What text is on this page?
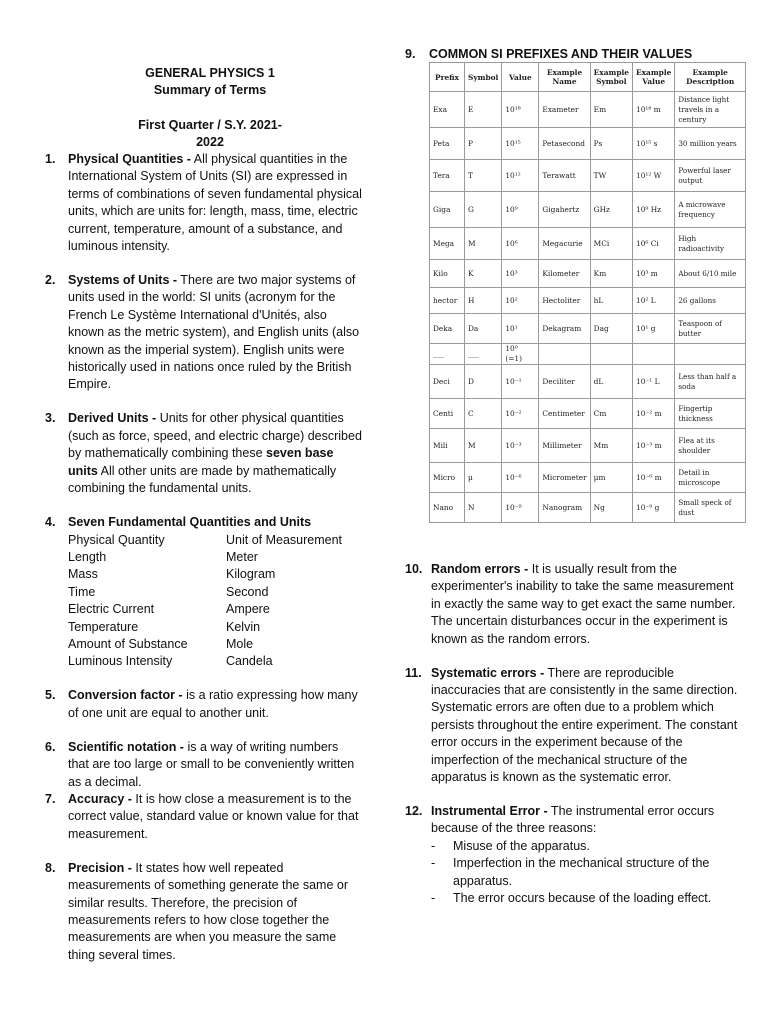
GENERAL PHYSICS 1
Summary of Terms
First Quarter / S.Y. 2021-2022
1. Physical Quantities - All physical quantities in the International System of Units (SI) are expressed in terms of combinations of seven fundamental physical units, which are units for: length, mass, time, electric current, temperature, amount of a substance, and luminous intensity.
2. Systems of Units - There are two major systems of units used in the world: SI units (acronym for the French Le Système International d'Unités, also known as the metric system), and English units (also known as the imperial system). English units were historically used in nations once ruled by the British Empire.
3. Derived Units - Units for other physical quantities (such as force, speed, and electric charge) described by mathematically combining these seven base units All other units are made by mathematically combining the fundamental units.
4. Seven Fundamental Quantities and Units
Physical Quantity	Unit of Measurement
Length	Meter
Mass	Kilogram
Time	Second
Electric Current	Ampere
Temperature	Kelvin
Amount of Substance	Mole
Luminous Intensity	Candela
5. Conversion factor - is a ratio expressing how many of one unit are equal to another unit.
6. Scientific notation - is a way of writing numbers that are too large or small to be conveniently written as a decimal.
7. Accuracy - It is how close a measurement is to the correct value, standard value or known value for that measurement.
8. Precision - It states how well repeated measurements of something generate the same or similar results. Therefore, the precision of measurements refers to how close together the measurements are when you measure the same thing several times.
9. COMMON SI PREFIXES AND THEIR VALUES
Prefix	Symbol	Value	Example Name	Example Symbol	Example Value	Example Description
Exa	E	10¹⁸	Exameter	Em	10¹⁸ m	Distance light travels in a century
Peta	P	10¹⁵	Petasecond	Ps	10¹⁵ s	30 million years
Tera	T	10¹²	Terawatt	TW	10¹² W	Powerful laser output
Giga	G	10⁹	Gigahertz	GHz	10⁹ Hz	A microwave frequency
Mega	M	10⁶	Megacurie	MCi	10⁶ Ci	High radioactivity
Kilo	K	10³	Kilometer	Km	10³ m	About 6/10 mile
hector	H	10²	Hectoliter	hL	10² L	26 gallons
Deka	Da	10¹	Dekagram	Dag	10¹ g	Teaspoon of butter
___	___	10⁰ (=1)				
Deci	D	10⁻¹	Deciliter	dL	10⁻¹ L	Less than half a soda
Centi	C	10⁻²	Centimeter	Cm	10⁻² m	Fingertip thickness
Mili	M	10⁻³	Millimeter	Mm	10⁻³ m	Flea at its shoulder
Micro	µ	10⁻⁶	Micrometer	µm	10⁻⁶ m	Detail in microscope
Nano	N	10⁻⁹	Nanogram	Ng	10⁻⁹ g	Small speck of dust
10. Random errors - It is usually result from the experimenter's inability to take the same measurement in exactly the same way to get exact the same number. The uncertain disturbances occur in the experiment is known as the random errors.
11. Systematic errors - There are reproducible inaccuracies that are consistently in the same direction. Systematic errors are often due to a problem which persists throughout the entire experiment. The constant error occurs in the experiment because of the imperfection of the mechanical structure of the apparatus is known as the systematic error.
12. Instrumental Error - The instrumental error occurs because of the three reasons:
- Misuse of the apparatus.
- Imperfection in the mechanical structure of the apparatus.
- The error occurs because of the loading effect.
